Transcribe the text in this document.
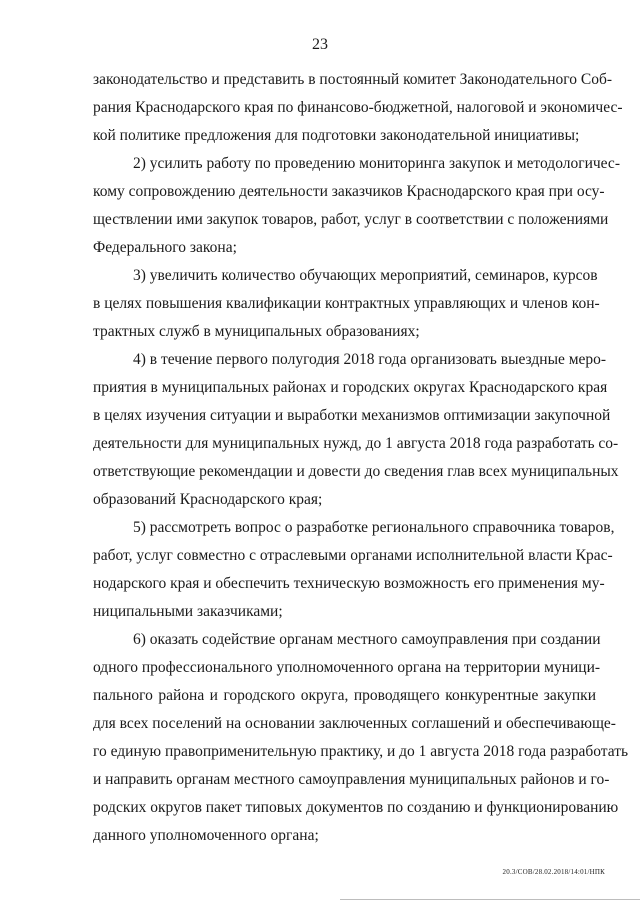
23
законодательство и представить в постоянный комитет Законодательного Соб-
рания Краснодарского края по финансово-бюджетной, налоговой и экономичес-
кой политике предложения для подготовки законодательной инициативы;
2) усилить работу по проведению мониторинга закупок и методологичес-
кому сопровождению деятельности заказчиков Краснодарского края при осу-
ществлении ими закупок товаров, работ, услуг в соответствии с положениями
Федерального закона;
3) увеличить количество обучающих мероприятий, семинаров, курсов
в целях повышения квалификации контрактных управляющих и членов кон-
трактных служб в муниципальных образованиях;
4) в течение первого полугодия 2018 года организовать выездные меро-
приятия в муниципальных районах и городских округах Краснодарского края
в целях изучения ситуации и выработки механизмов оптимизации закупочной
деятельности для муниципальных нужд, до 1 августа 2018 года разработать со-
ответствующие рекомендации и довести до сведения глав всех муниципальных
образований Краснодарского края;
5) рассмотреть вопрос о разработке регионального справочника товаров,
работ, услуг совместно с отраслевыми органами исполнительной власти Крас-
нодарского края и обеспечить техническую возможность его применения му-
ниципальными заказчиками;
6) оказать содействие органам местного самоуправления при создании
одного профессионального уполномоченного органа на территории муници-
пального района и городского округа, проводящего конкурентные закупки
для всех поселений на основании заключенных соглашений и обеспечивающе-
го единую правоприменительную практику, и до 1 августа 2018 года разработать
и направить органам местного самоуправления муниципальных районов и го-
родских округов пакет типовых документов по созданию и функционированию
данного уполномоченного органа;
20.3/СОВ/28.02.2018/14:01/НПК
